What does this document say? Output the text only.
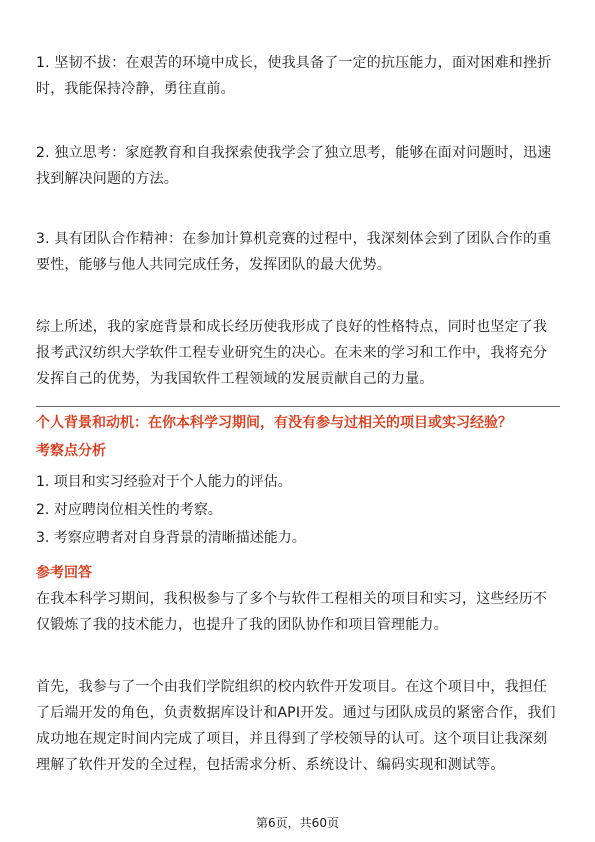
1. 坚韧不拔：在艰苦的环境中成长，使我具备了一定的抗压能力，面对困难和挫折时，我能保持冷静，勇往直前。

2. 独立思考：家庭教育和自我探索使我学会了独立思考，能够在面对问题时，迅速找到解决问题的方法。

3. 具有团队合作精神：在参加计算机竞赛的过程中，我深刻体会到了团队合作的重要性，能够与他人共同完成任务，发挥团队的最大优势。

综上所述，我的家庭背景和成长经历使我形成了良好的性格特点，同时也坚定了我报考武汉纺织大学软件工程专业研究生的决心。在未来的学习和工作中，我将充分发挥自己的优势，为我国软件工程领域的发展贡献自己的力量。

个人背景和动机：在你本科学习期间，有没有参与过相关的项目或实习经验？

考察点分析

1. 项目和实习经验对于个人能力的评估。
2. 对应聘岗位相关性的考察。
3. 考察应聘者对自身背景的清晰描述能力。

参考回答

在我本科学习期间，我积极参与了多个与软件工程相关的项目和实习，这些经历不仅锻炼了我的技术能力，也提升了我的团队协作和项目管理能力。

首先，我参与了一个由我们学院组织的校内软件开发项目。在这个项目中，我担任了后端开发的角色，负责数据库设计和API开发。通过与团队成员的紧密合作，我们成功地在规定时间内完成了项目，并且得到了学校领导的认可。这个项目让我深刻理解了软件开发的全过程，包括需求分析、系统设计、编码实现和测试等。

第6页，共60页
